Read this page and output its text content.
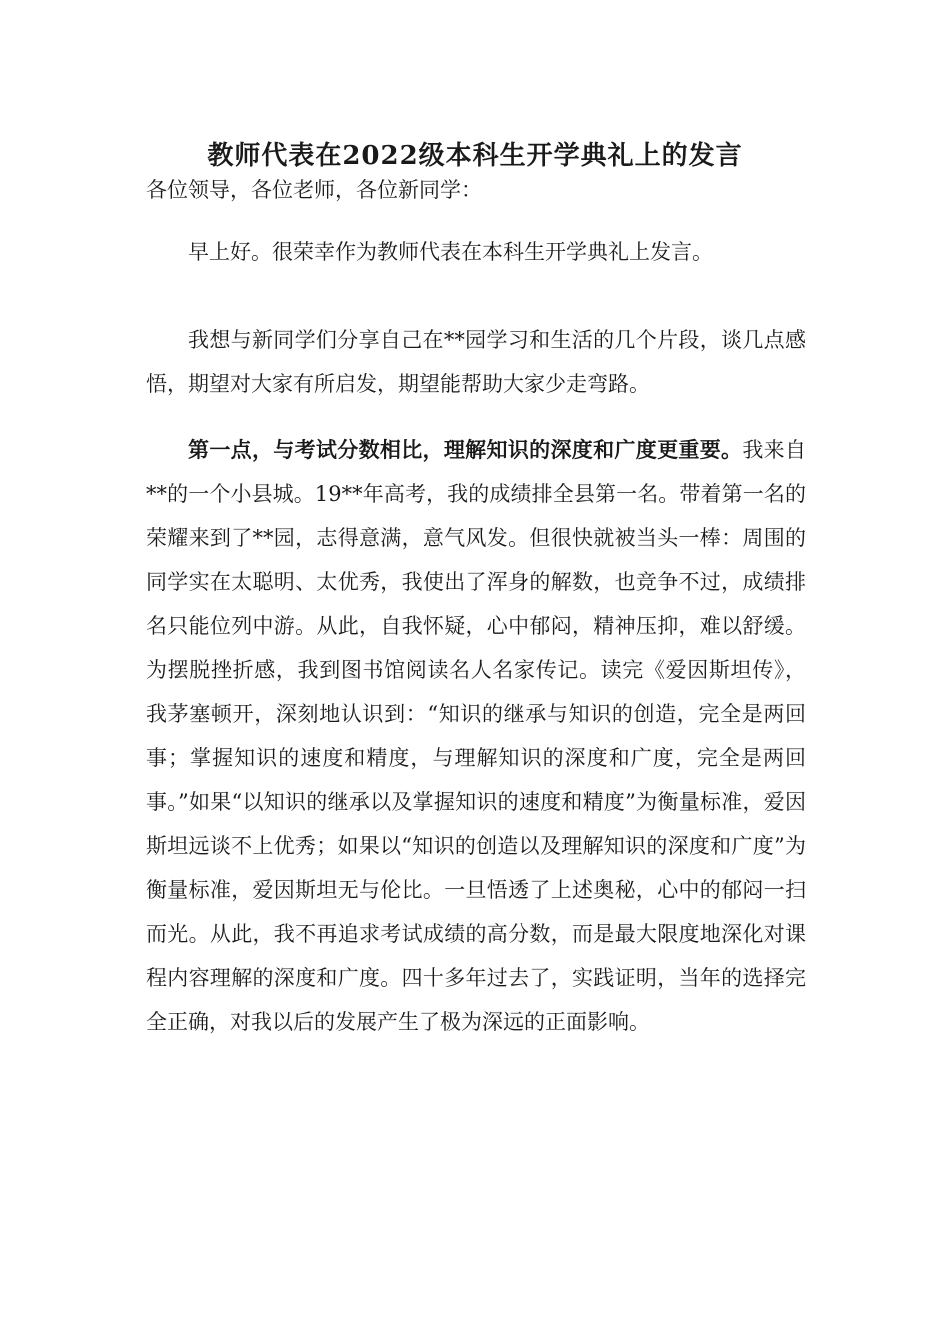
教师代表在2022级本科生开学典礼上的发言

各位领导，各位老师，各位新同学：

早上好。很荣幸作为教师代表在本科生开学典礼上发言。

我想与新同学们分享自己在**园学习和生活的几个片段，谈几点感悟，期望对大家有所启发，期望能帮助大家少走弯路。

第一点，与考试分数相比，理解知识的深度和广度更重要。我来自**的一个小县城。19**年高考，我的成绩排全县第一名。带着第一名的荣耀来到了**园，志得意满，意气风发。但很快就被当头一棒：周围的同学实在太聪明、太优秀，我使出了浑身的解数，也竞争不过，成绩排名只能位列中游。从此，自我怀疑，心中郁闷，精神压抑，难以舒缓。为摆脱挫折感，我到图书馆阅读名人名家传记。读完《爱因斯坦传》，我茅塞顿开，深刻地认识到：“知识的继承与知识的创造，完全是两回事；掌握知识的速度和精度，与理解知识的深度和广度，完全是两回事。”如果“以知识的继承以及掌握知识的速度和精度”为衡量标准，爱因斯坦远谈不上优秀；如果以“知识的创造以及理解知识的深度和广度”为衡量标准，爱因斯坦无与伦比。一旦悟透了上述奥秘，心中的郁闷一扫而光。从此，我不再追求考试成绩的高分数，而是最大限度地深化对课程内容理解的深度和广度。四十多年过去了，实践证明，当年的选择完全正确，对我以后的发展产生了极为深远的正面影响。
